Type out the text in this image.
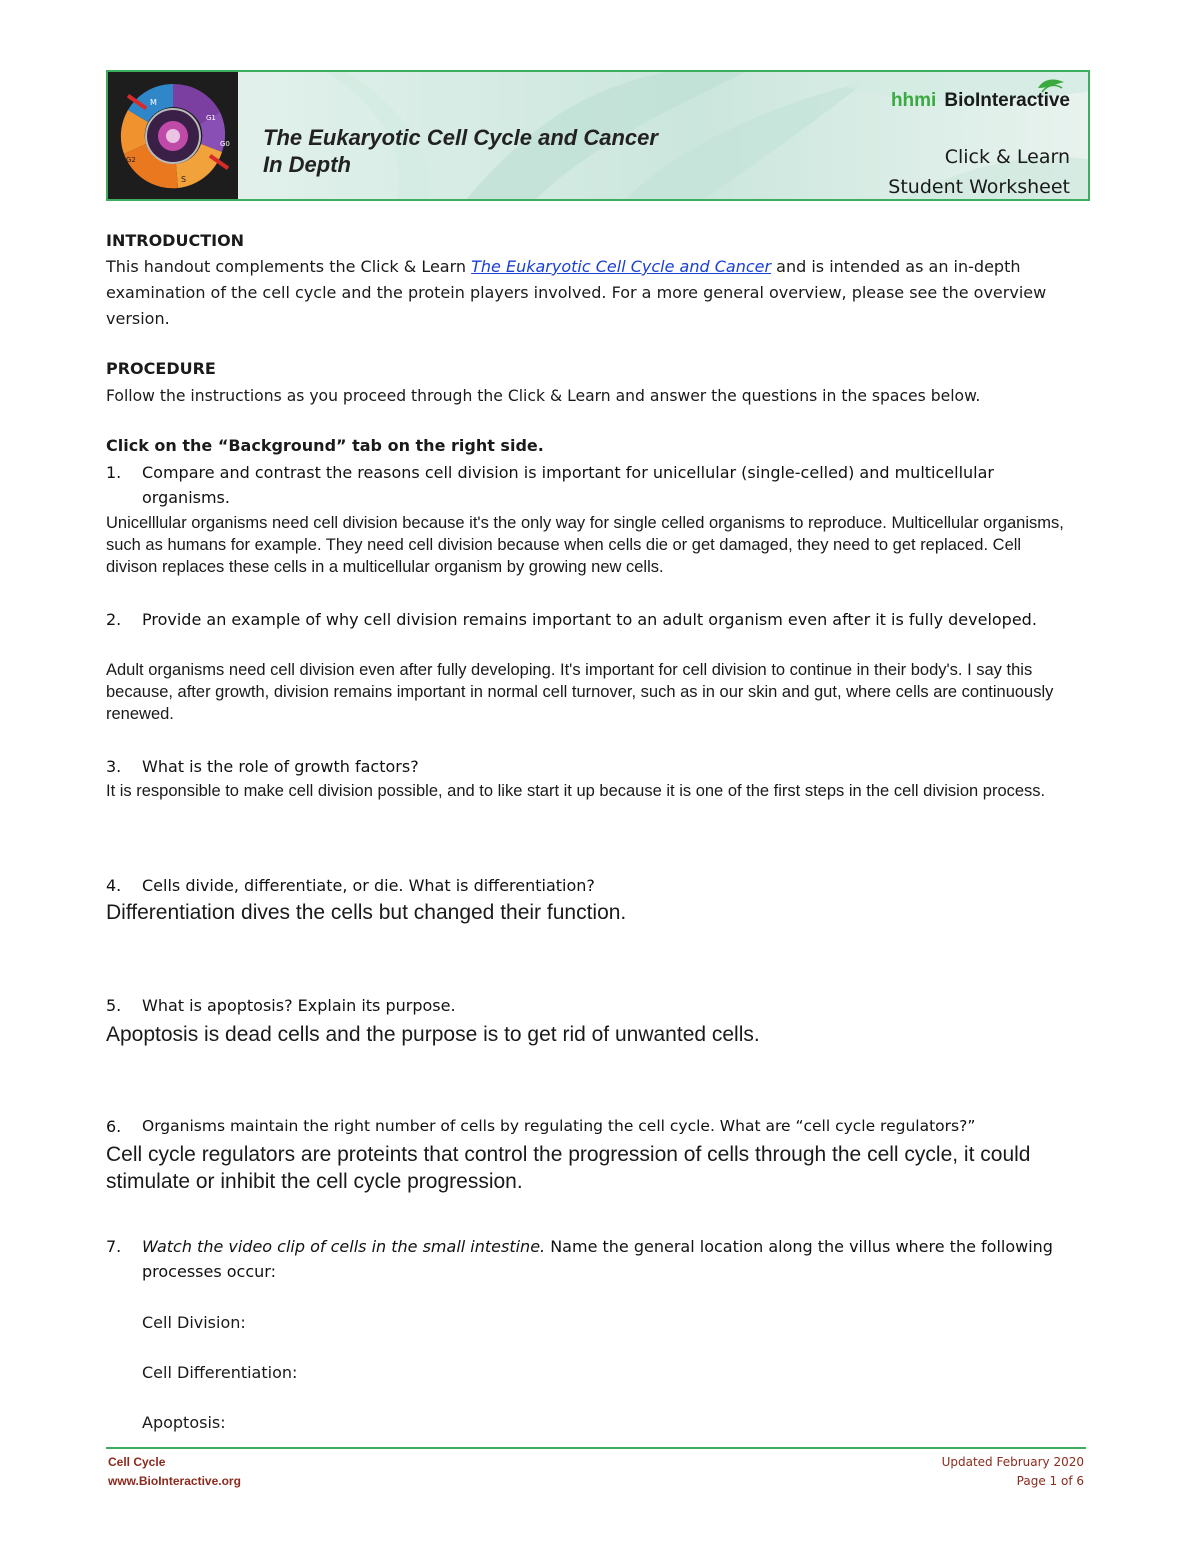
M
G1
G0
S
G2
The Eukaryotic Cell Cycle and Cancer
In Depth
hhmi BioInteractive
Click & Learn
Student Worksheet
INTRODUCTION
This handout complements the Click & Learn The Eukaryotic Cell Cycle and Cancer and is intended as an in-depth examination of the cell cycle and the protein players involved. For a more general overview, please see the overview version.
PROCEDURE
Follow the instructions as you proceed through the Click & Learn and answer the questions in the spaces below.
Click on the “Background” tab on the right side.
1.	Compare and contrast the reasons cell division is important for unicellular (single-celled) and multicellular organisms.
Unicelllular organisms need cell division because it's the only way for single celled organisms to reproduce. Multicellular organisms, such as humans for example. They need cell division because when cells die or get damaged, they need to get replaced. Cell divison replaces these cells in a multicellular organism by growing new cells.
2.	Provide an example of why cell division remains important to an adult organism even after it is fully developed.
Adult organisms need cell division even after fully developing. It's important for cell division to continue in their body's. I say this because, after growth, division remains important in normal cell turnover, such as in our skin and gut, where cells are continuously renewed.
3.	What is the role of growth factors?
It is responsible to make cell division possible, and to like start it up because it is one of the first steps in the cell division process.
4.	Cells divide, differentiate, or die. What is differentiation?
Differentiation dives the cells but changed their function.
5.	What is apoptosis? Explain its purpose.
Apoptosis is dead cells and the purpose is to get rid of unwanted cells.
6.	Organisms maintain the right number of cells by regulating the cell cycle. What are “cell cycle regulators?”
Cell cycle regulators are proteints that control the progression of cells through the cell cycle, it could stimulate or inhibit the cell cycle progression.
7.	Watch the video clip of cells in the small intestine. Name the general location along the villus where the following processes occur:
Cell Division:
Cell Differentiation:
Apoptosis:
Cell Cycle
www.BioInteractive.org
Updated February 2020
Page 1 of 6
